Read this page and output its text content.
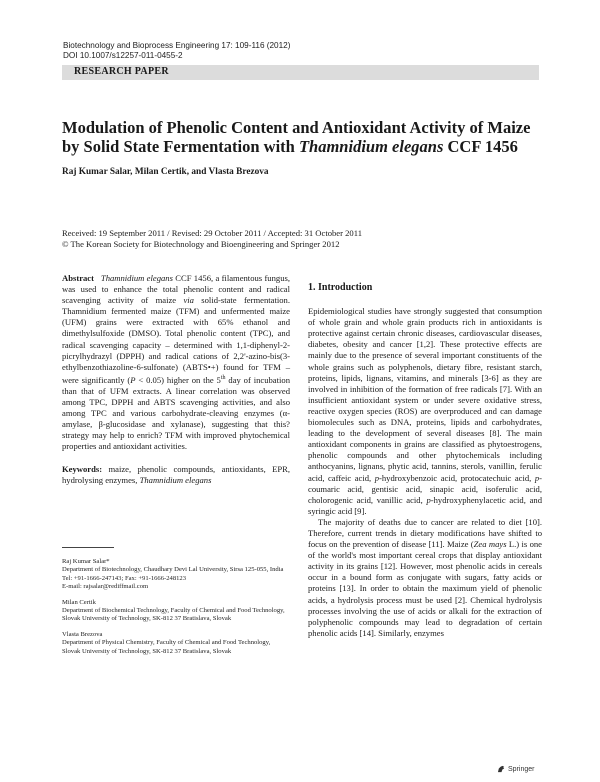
Biotechnology and Bioprocess Engineering 17: 109-116 (2012)
DOI 10.1007/s12257-011-0455-2
RESEARCH PAPER
Modulation of Phenolic Content and Antioxidant Activity of Maize by Solid State Fermentation with Thamnidium elegans CCF 1456
Raj Kumar Salar, Milan Certik, and Vlasta Brezova
Received: 19 September 2011 / Revised: 29 October 2011 / Accepted: 31 October 2011
© The Korean Society for Biotechnology and Bioengineering and Springer 2012

Abstract Thamnidium elegans CCF 1456, a filamentous fungus, was used to enhance the total phenolic content and radical scavenging activity of maize via solid-state fermentation. Thamnidium fermented maize (TFM) and unfermented maize (UFM) grains were extracted with 65% ethanol and dimethylsulfoxide (DMSO). Total phenolic content (TPC), and radical scavenging capacity – determined with 1,1-diphenyl-2-picrylhydrazyl (DPPH) and radical cations of 2,2'-azino-bis(3-ethylbenzothiazoline-6-sulfonate) (ABTS•+) found for TFM – were significantly (P < 0.05) higher on the 5th day of incubation than that of UFM extracts. A linear correlation was observed among TPC, DPPH and ABTS scavenging activities, and also among TPC and various carbohydrate-cleaving enzymes (α-amylase, β-glucosidase and xylanase), suggesting that this? strategy may help to enrich? TFM with improved phytochemical properties and antioxidant activities.

Keywords: maize, phenolic compounds, antioxidants, EPR, hydrolysing enzymes, Thamnidium elegans

Raj Kumar Salar*
Department of Biotechnology, Chaudhary Devi Lal University, Sirsa 125-055, India
Tel: +91-1666-247143; Fax: +91-1666-248123
E-mail: rajsalar@rediffmail.com
Milan Certik
Department of Biochemical Technology, Faculty of Chemical and Food Technology, Slovak University of Technology, SK-812 37 Bratislava, Slovak
Vlasta Brezova
Department of Physical Chemistry, Faculty of Chemical and Food Technology, Slovak University of Technology, SK-812 37 Bratislava, Slovak

1. Introduction

Epidemiological studies have strongly suggested that consumption of whole grain and whole grain products rich in antioxidants is protective against certain chronic diseases, cardiovascular diseases, diabetes, obesity and cancer [1,2]. These protective effects are mainly due to the presence of several important constituents of the whole grains such as polyphenols, dietary fibre, resistant starch, proteins, lipids, lignans, vitamins, and minerals [3-6] as they are involved in inhibition of the formation of free radicals [7]. With an insufficient antioxidant system or under severe oxidative stress, reactive oxygen species (ROS) are overproduced and can damage biomolecules such as DNA, proteins, lipids and carbohydrates, leading to the development of several diseases [8]. The main antioxidant components in grains are classified as phytoestrogens, phenolic compounds and other phytochemicals including anthocyanins, lignans, phytic acid, tannins, sterols, vanillin, ferulic acid, caffeic acid, p-hydroxybenzoic acid, protocatechuic acid, p-coumaric acid, gentisic acid, sinapic acid, isoferulic acid, cholorogenic acid, vanillic acid, p-hydroxyphenylacetic acid, and syringic acid [9].

The majority of deaths due to cancer are related to diet [10]. Therefore, current trends in dietary modifications have shifted to focus on the prevention of disease [11]. Maize (Zea mays L.) is one of the world's most important cereal crops that display antioxidant activity in its grains [12]. However, most phenolic acids in cereals occur in a bound form as conjugate with sugars, fatty acids or proteins [13]. In order to obtain the maximum yield of phenolic acids, a hydrolysis process must be used [2]. Chemical hydrolysis processes involving the use of acids or alkali for the extraction of polyphenolic compounds may lead to degradation of certain phenolic acids [14]. Similarly, enzymes

Springer
